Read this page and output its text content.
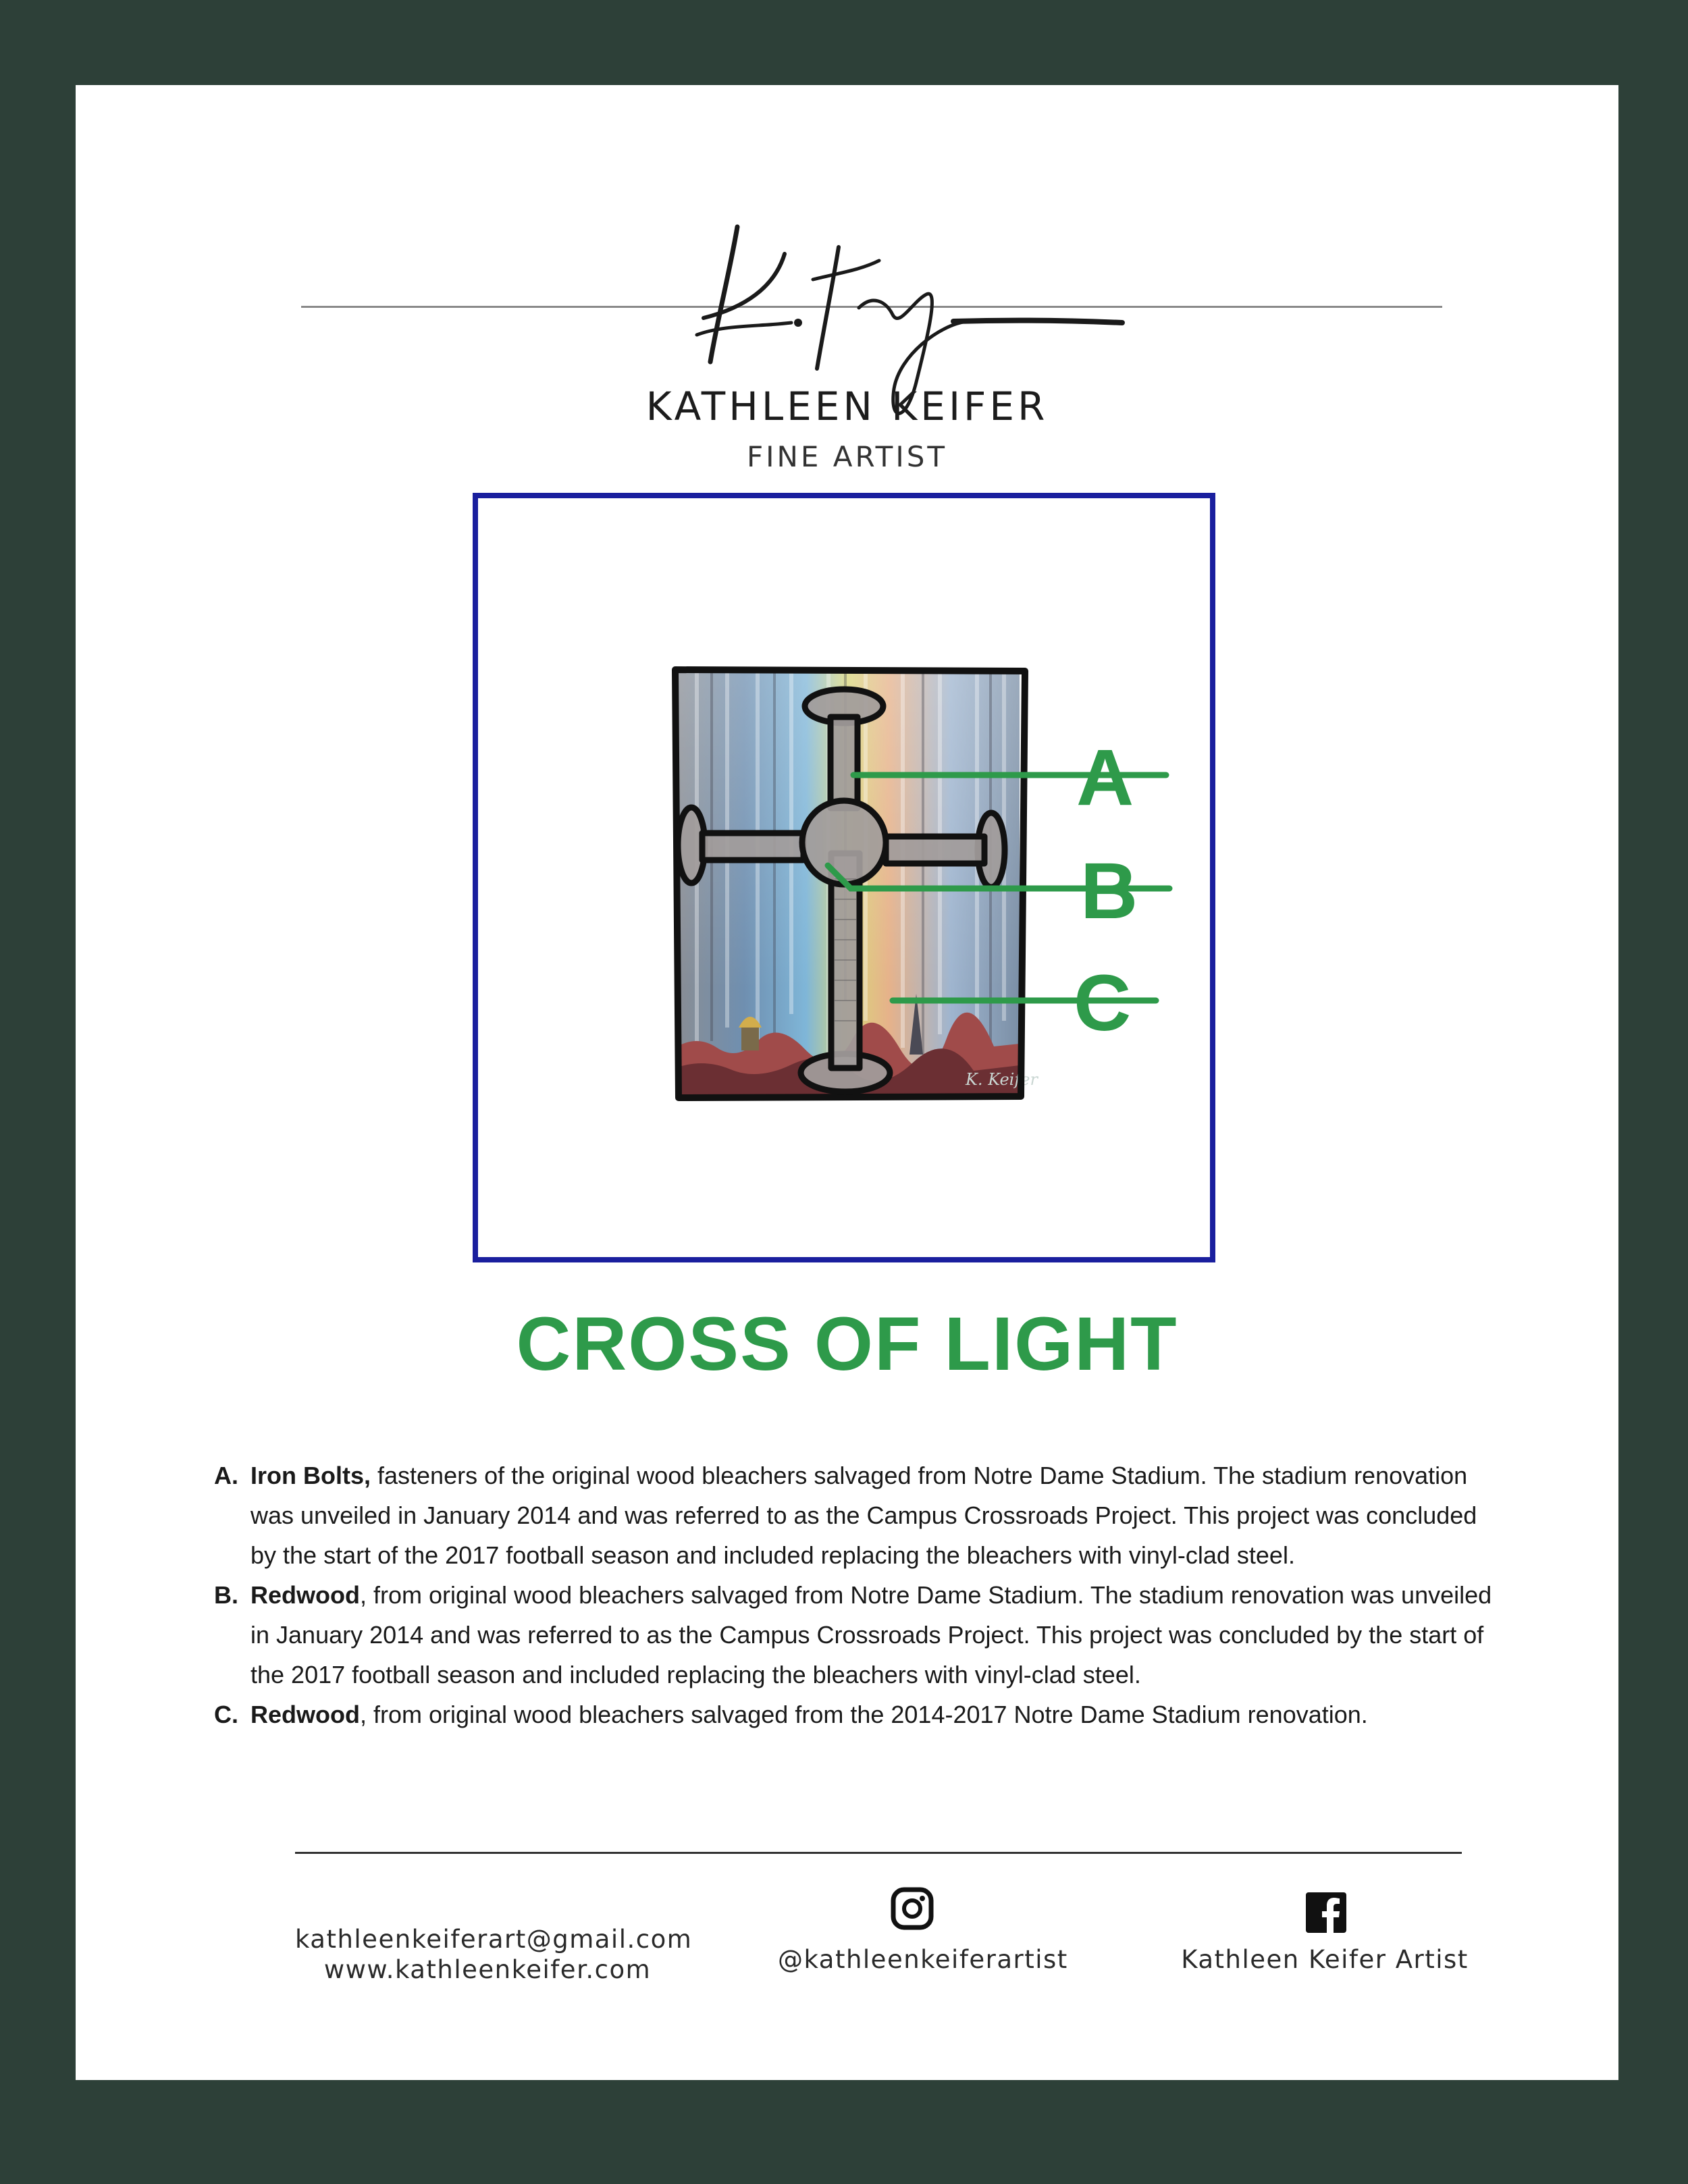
KATHLEEN KEIFER
FINE ARTIST
K. Keifer
A
B
C
CROSS OF LIGHT
A. Iron Bolts, fasteners of the original wood bleachers salvaged from Notre Dame Stadium. The stadium renovation was unveiled in January 2014 and was referred to as the Campus Crossroads Project. This project was concluded by the start of the 2017 football season and included replacing the bleachers with vinyl-clad steel.
B. Redwood, from original wood bleachers salvaged from Notre Dame Stadium. The stadium renovation was unveiled in January 2014 and was referred to as the Campus Crossroads Project. This project was concluded by the start of the 2017 football season and included replacing the bleachers with vinyl-clad steel.
C. Redwood, from original wood bleachers salvaged from the 2014-2017 Notre Dame Stadium renovation.
kathleenkeiferart@gmail.com
www.kathleenkeifer.com	@kathleenkeiferartist	Kathleen Keifer Artist
